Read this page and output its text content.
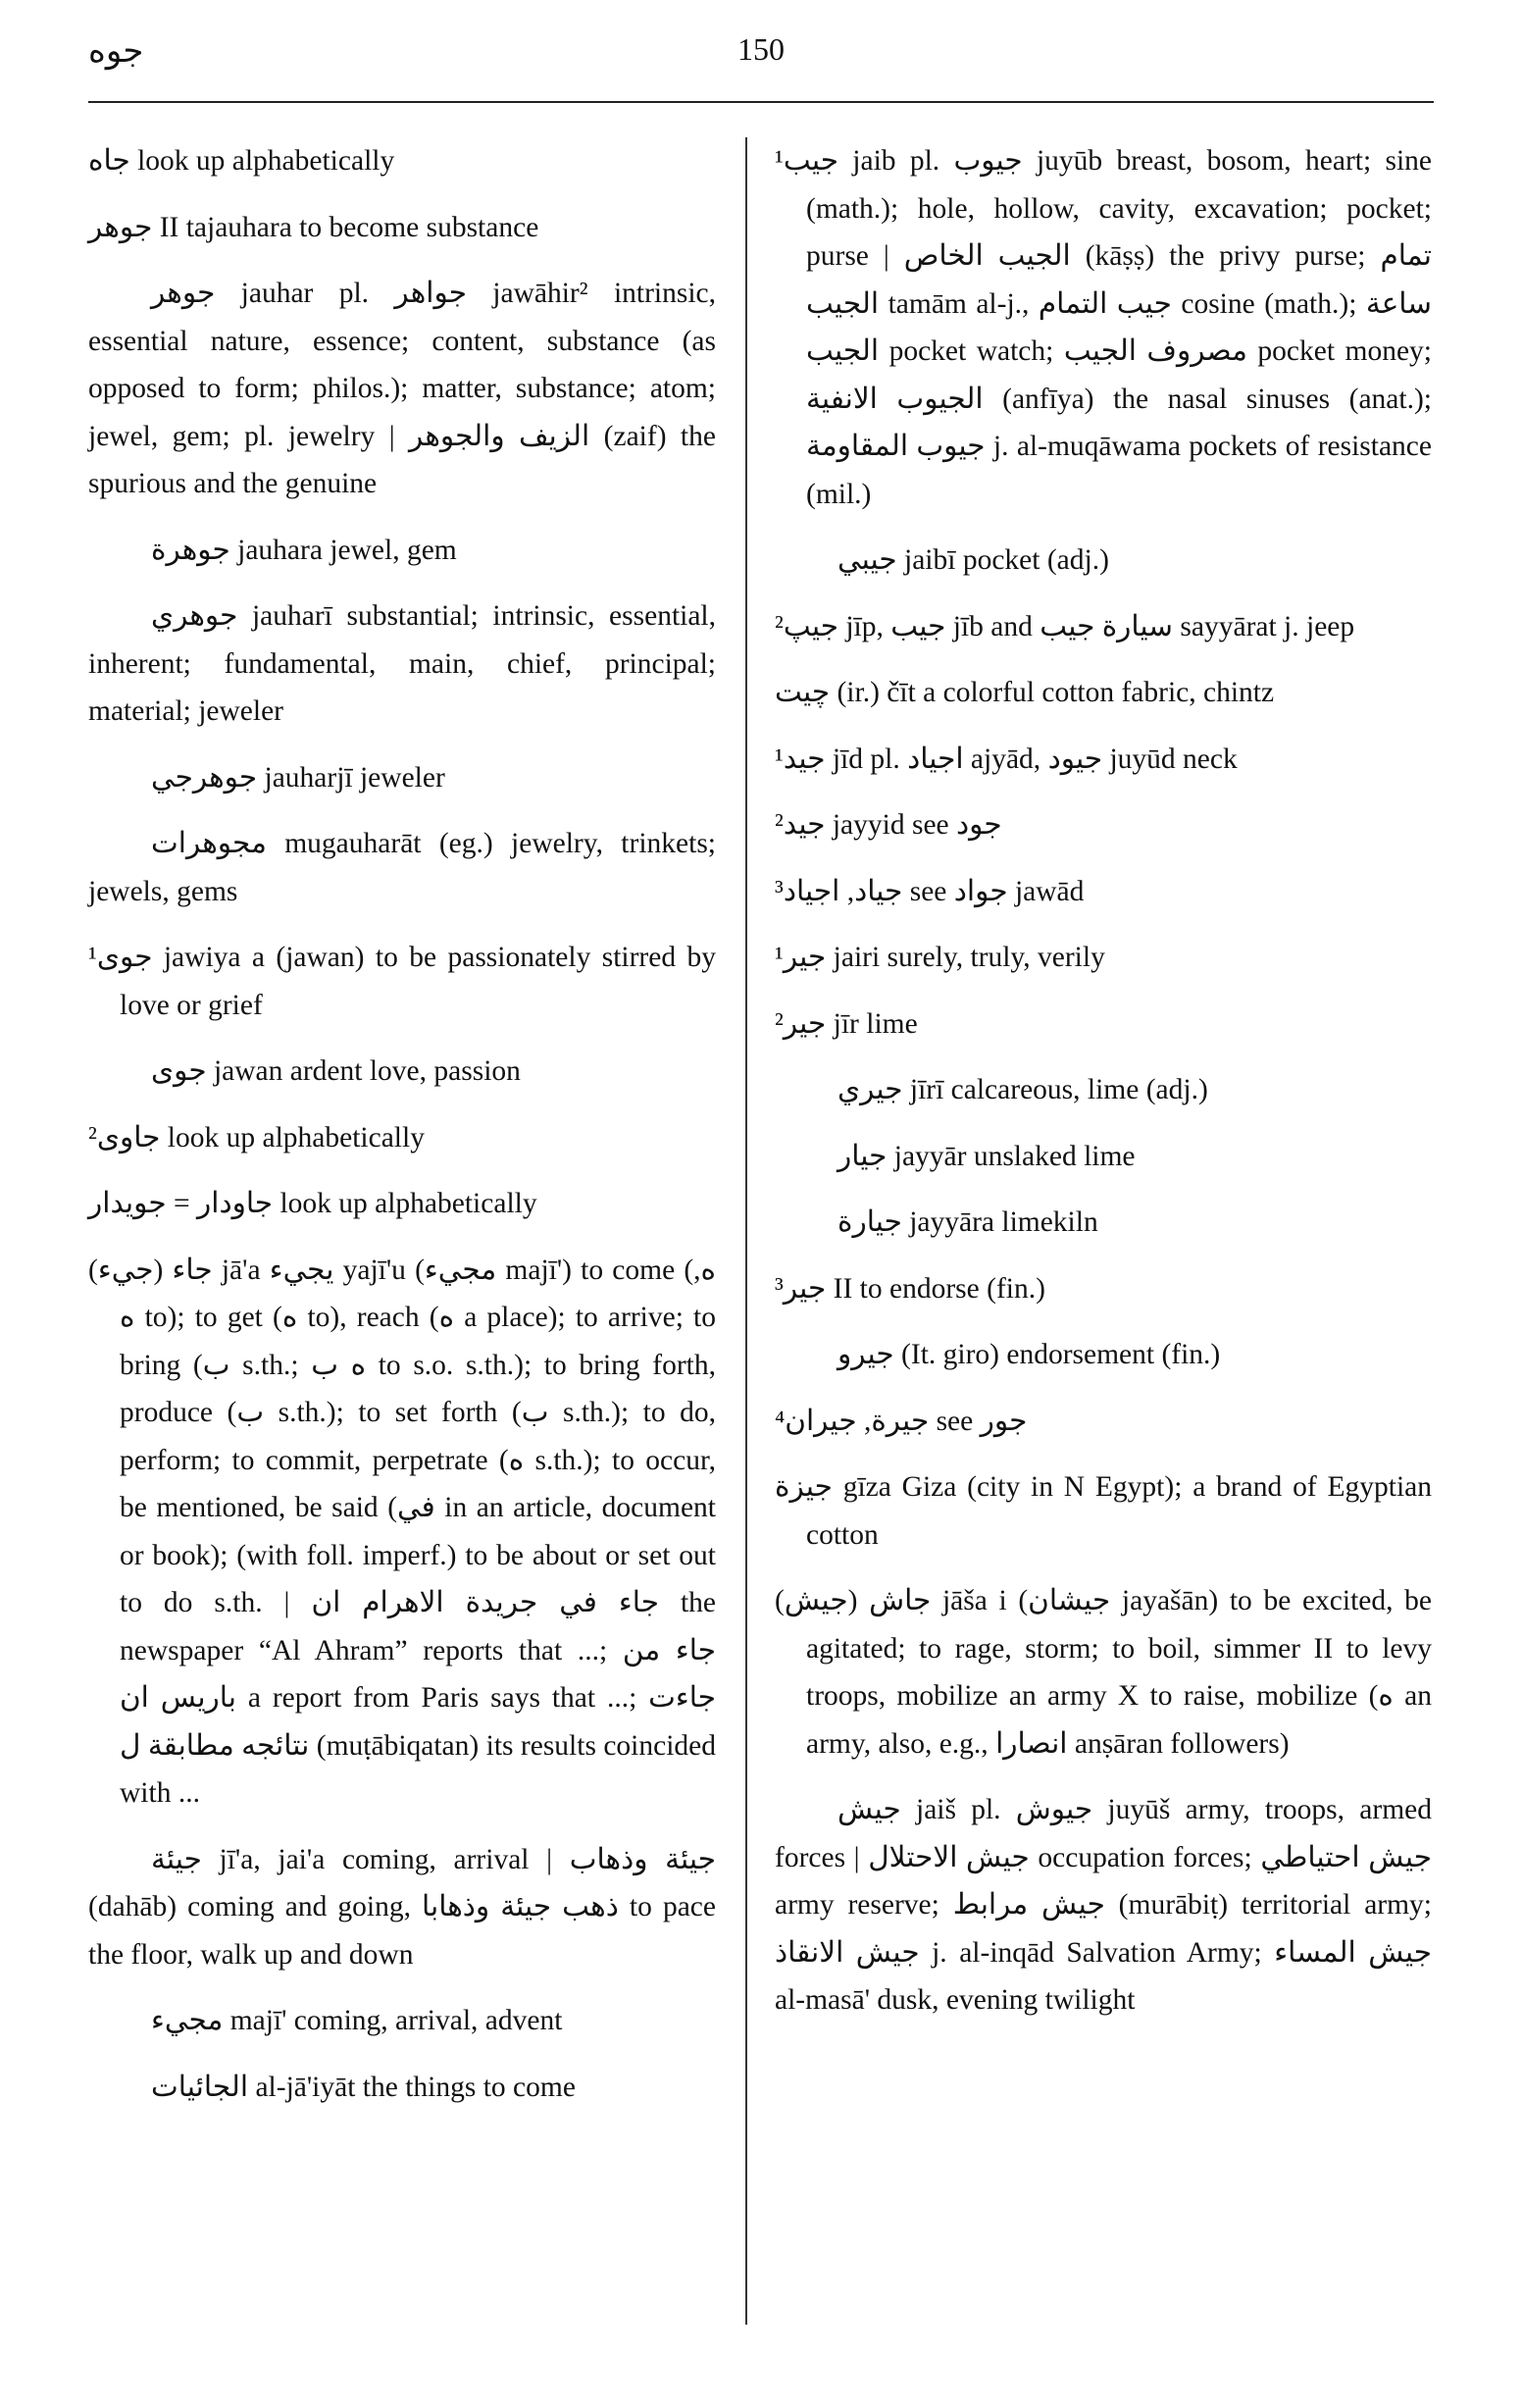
جوه	150

جاه look up alphabetically

جوهر II tajauhara to become substance

جوهر jauhar pl. جواهر jawāhir² intrinsic, essential nature, essence; content, substance (as opposed to form; philos.); matter, substance; atom; jewel, gem; pl. jewelry | الزيف والجوهر (zaif) the spurious and the genuine

جوهرة jauhara jewel, gem

جوهري jauharī substantial; intrinsic, essential, inherent; fundamental, main, chief, principal; material; jeweler

جوهرجي jauharjī jeweler

مجوهرات mugauharāt (eg.) jewelry, trinkets; jewels, gems

¹جوى jawiya a (jawan) to be passionately stirred by love or grief

جوى jawan ardent love, passion

²جاوى look up alphabetically

جاودار = جويدار look up alphabetically

(جيء) جاء jā'a يجيء yajī'u (مجيء majī') to come (ه, ه to); to get (ه to), reach (ه a place); to arrive; to bring (ب s.th.; ه ب to s.o. s.th.); to bring forth, produce (ب s.th.); to set forth (ب s.th.); to do, perform; to commit, perpetrate (ه s.th.); to occur, be mentioned, be said (في in an article, document or book); (with foll. imperf.) to be about or set out to do s.th. | جاء في جريدة الاهرام ان the newspaper “Al Ahram” reports that ...; جاء من باريس ان a report from Paris says that ...; جاءت نتائجه مطابقة ل (muṭābiqatan) its results coincided with ...

جيئة jī'a, jai'a coming, arrival | جيئة وذهاب (dahāb) coming and going, ذهب جيئة وذهابا to pace the floor, walk up and down

مجيء majī' coming, arrival, advent

الجائيات al-jā'iyāt the things to come

¹جيب jaib pl. جيوب juyūb breast, bosom, heart; sine (math.); hole, hollow, cavity, excavation; pocket; purse | الجيب الخاص (kāṣṣ) the privy purse; تمام الجيب tamām al-j., جيب التمام cosine (math.); ساعة الجيب pocket watch; مصروف الجيب pocket money; الجيوب الانفية (anfīya) the nasal sinuses (anat.); جيوب المقاومة j. al-muqāwama pockets of resistance (mil.)

جيبي jaibī pocket (adj.)

²جيپ jīp, جيب jīb and سيارة جيب sayyārat j. jeep

چيت (ir.) čīt a colorful cotton fabric, chintz

¹جيد jīd pl. اجياد ajyād, جيود juyūd neck

²جيد jayyid see جود

³جياد, اجياد see جواد jawād

¹جير jairi surely, truly, verily

²جير jīr lime

جيري jīrī calcareous, lime (adj.)

جيار jayyār unslaked lime

جيارة jayyāra limekiln

³جير II to endorse (fin.)

جيرو (It. giro) endorsement (fin.)

⁴جيرة, جيران see جور

جيزة gīza Giza (city in N Egypt); a brand of Egyptian cotton

(جيش) جاش jāša i (جيشان jayašān) to be excited, be agitated; to rage, storm; to boil, simmer II to levy troops, mobilize an army X to raise, mobilize (ه an army, also, e.g., انصارا anṣāran followers)

جيش jaiš pl. جيوش juyūš army, troops, armed forces | جيش الاحتلال occupation forces; جيش احتياطي army reserve; جيش مرابط (murābiṭ) territorial army; جيش الانقاذ j. al-inqād Salvation Army; جيش المساء al-masā' dusk, evening twilight
